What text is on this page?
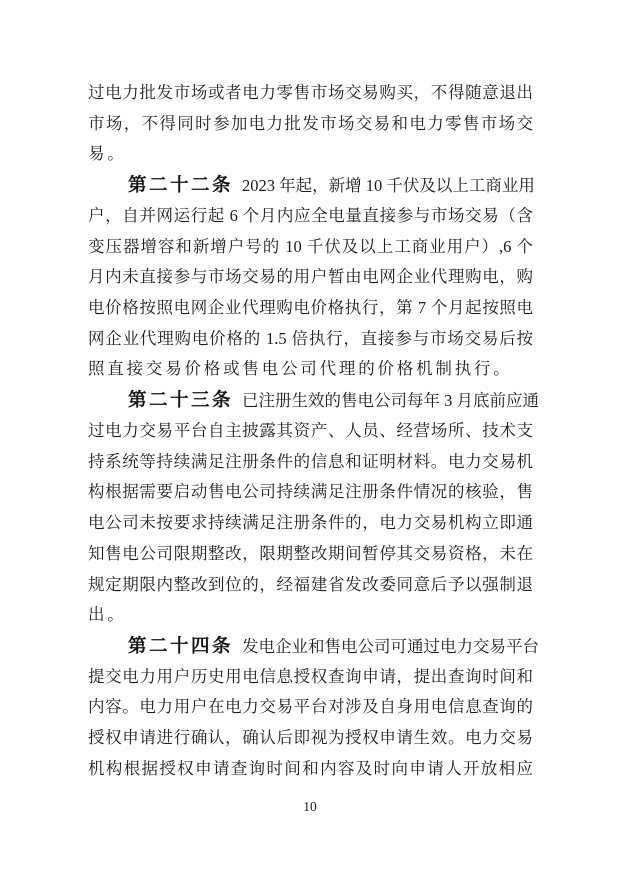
过电力批发市场或者电力零售市场交易购买，不得随意退出
市场，不得同时参加电力批发市场交易和电力零售市场交
易。
第二十二条 2023 年起，新增 10 千伏及以上工商业用
户，自并网运行起 6 个月内应全电量直接参与市场交易（含
变压器增容和新增户号的 10 千伏及以上工商业用户）,6 个
月内未直接参与市场交易的用户暂由电网企业代理购电，购
电价格按照电网企业代理购电价格执行，第 7 个月起按照电
网企业代理购电价格的 1.5 倍执行，直接参与市场交易后按
照直接交易价格或售电公司代理的价格机制执行。
第二十三条 已注册生效的售电公司每年 3 月底前应通
过电力交易平台自主披露其资产、人员、经营场所、技术支
持系统等持续满足注册条件的信息和证明材料。电力交易机
构根据需要启动售电公司持续满足注册条件情况的核验，售
电公司未按要求持续满足注册条件的，电力交易机构立即通
知售电公司限期整改，限期整改期间暂停其交易资格，未在
规定期限内整改到位的，经福建省发改委同意后予以强制退
出。
第二十四条 发电企业和售电公司可通过电力交易平台
提交电力用户历史用电信息授权查询申请，提出查询时间和
内容。电力用户在电力交易平台对涉及自身用电信息查询的
授权申请进行确认，确认后即视为授权申请生效。电力交易
机构根据授权申请查询时间和内容及时向申请人开放相应
10
